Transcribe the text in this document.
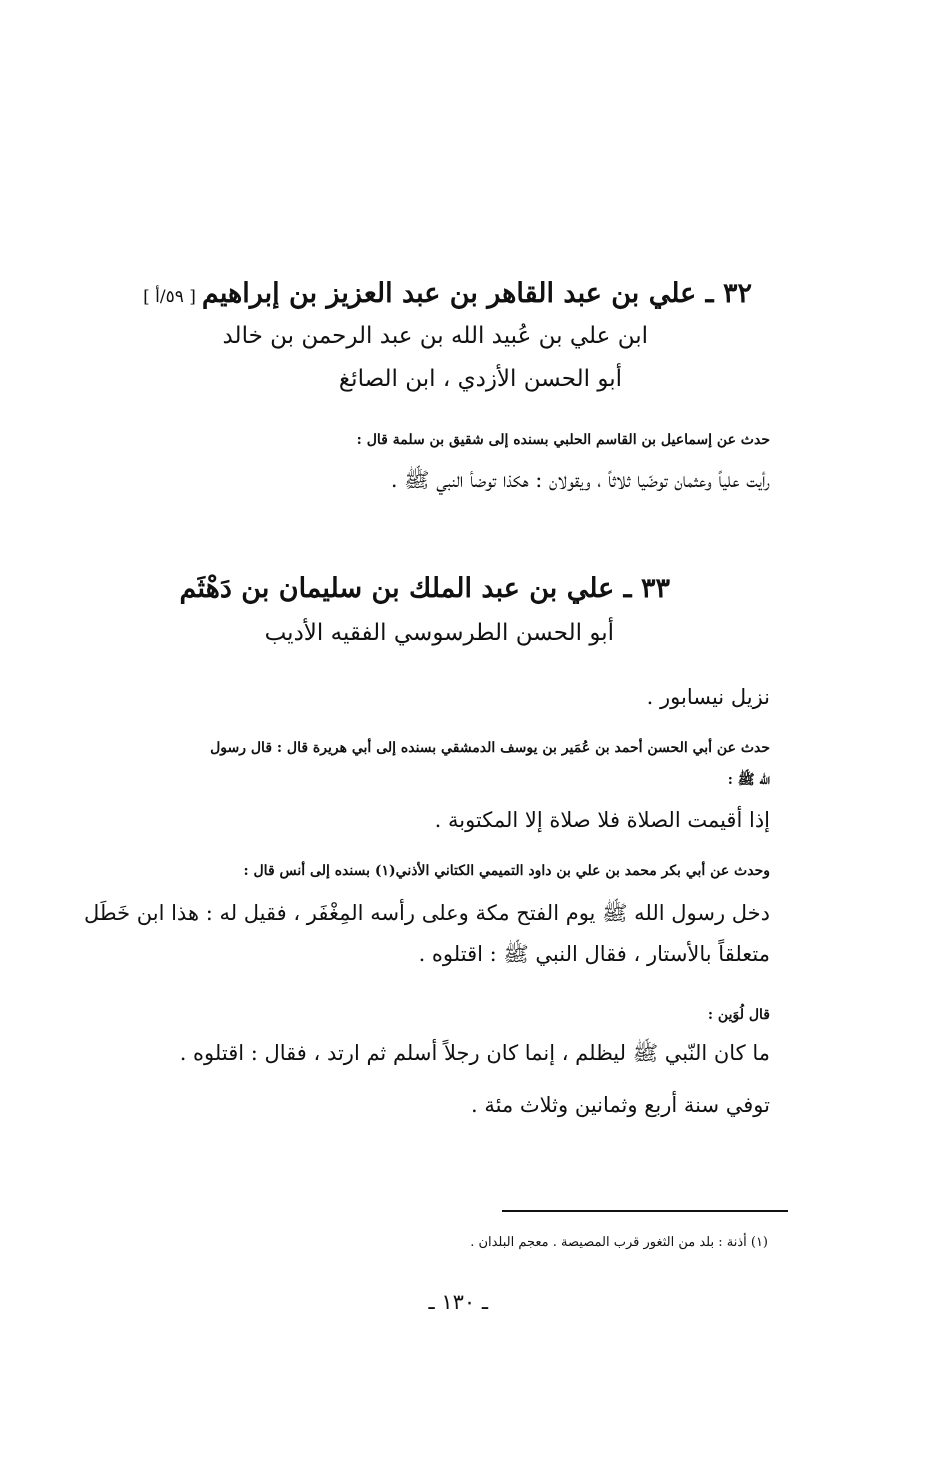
٣٢ ـ علي بن عبد القاهر بن عبد العزيز بن إبراهيم[ ٥٩/أ ]
ابن علي بن عُبيد الله بن عبد الرحمن بن خالد
أبو الحسن الأزدي ، ابن الصائغ
حدث عن إسماعيل بن القاسم الحلبي بسنده إلى شقيق بن سلمة قال :
رأيت علياً وعثمان توضّيا ثلاثاً ، ويقولان : هكذا توضأ النبي ﷺ .
٣٣ ـ علي بن عبد الملك بن سليمان بن دَهْثَم
أبو الحسن الطرسوسي الفقيه الأديب
نزيل نيسابور .
حدث عن أبي الحسن أحمد بن عُمَير بن يوسف الدمشقي بسنده إلى أبي هريرة قال : قال رسول
الله ﷺ :
إذا أقيمت الصلاة فلا صلاة إلا المكتوبة .
وحدث عن أبي بكر محمد بن علي بن داود التميمي الكتاني الأذني(١) بسنده إلى أنس قال :
دخل رسول الله ﷺ يوم الفتح مكة وعلى رأسه المِغْفَر ، فقيل له : هذا ابن خَطَل
متعلقاً بالأستار ، فقال النبي ﷺ : اقتلوه .
قال لُوَين :
ما كان النّبي ﷺ ليظلم ، إنما كان رجلاً أسلم ثم ارتد ، فقال : اقتلوه .
توفي سنة أربع وثمانين وثلاث مئة .
(١) أذنة : بلد من الثغور قرب المصيصة . معجم البلدان .
ـ ١٣٠ ـ
